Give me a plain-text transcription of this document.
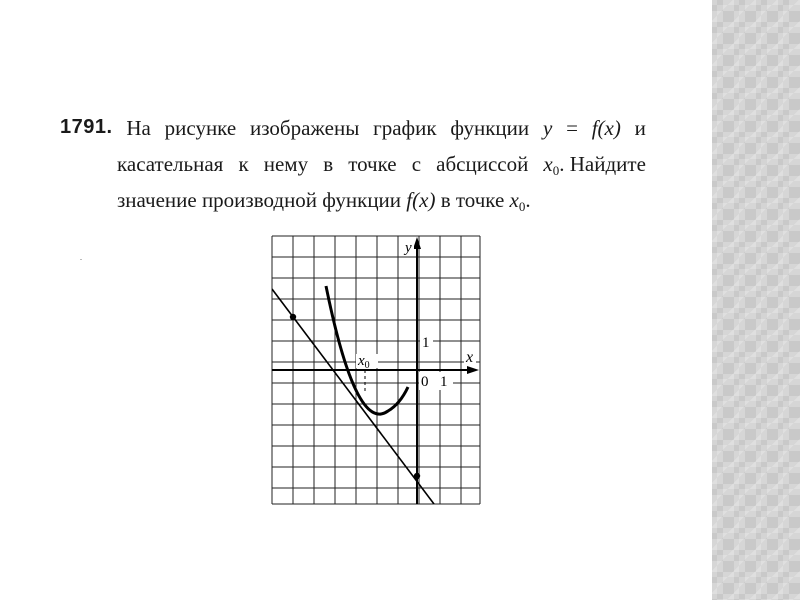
1791. На рисунке изображены график функции y = f(x) и
касательная к нему в точке с абсциссой $x_0$. Найдите
значение производной функции f(x) в точке $x_0$.
y
x
1
0 1
$x_0$
